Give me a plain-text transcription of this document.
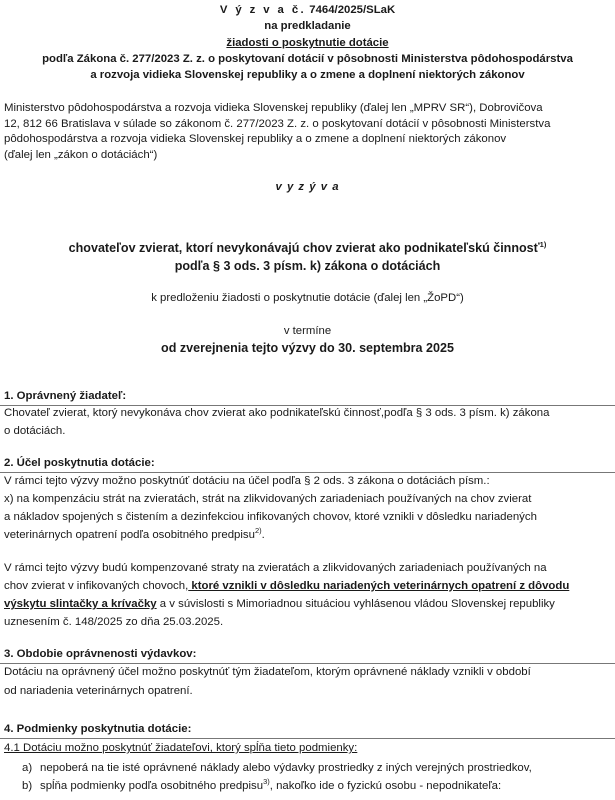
V ý z v a č. 7464/2025/SLaK
na predkladanie
žiadosti o poskytnutie dotácie
podľa Zákona č. 277/2023 Z. z. o poskytovaní dotácií v pôsobnosti Ministerstva pôdohospodárstva
a rozvoja vidieka Slovenskej republiky a o zmene a doplnení niektorých zákonov
Ministerstvo pôdohospodárstva a rozvoja vidieka Slovenskej republiky (ďalej len „MPRV SR“), Dobrovičova
12, 812 66 Bratislava v súlade so zákonom č. 277/2023 Z. z. o poskytovaní dotácií v pôsobnosti Ministerstva
pôdohospodárstva a rozvoja vidieka Slovenskej republiky a o zmene a doplnení niektorých zákonov
(ďalej len „zákon o dotáciách“)
v y z ý v a
chovateľov zvierat, ktorí nevykonávajú chov zvierat ako podnikateľskú činnosť$^{1)}$
podľa § 3 ods. 3 písm. k) zákona o dotáciách
k predloženiu žiadosti o poskytnutie dotácie (ďalej len „ŽoPD“)
v termíne
od zverejnenia tejto výzvy do 30. septembra 2025
1. Oprávnený žiadateľ:
Chovateľ zvierat, ktorý nevykonáva chov zvierat ako podnikateľskú činnosť,podľa § 3 ods. 3 písm. k) zákona
o dotáciách.
2. Účel poskytnutia dotácie:
V rámci tejto výzvy možno poskytnúť dotáciu na účel podľa § 2 ods. 3 zákona o dotáciách písm.:
x) na kompenzáciu strát na zvieratách, strát na zlikvidovaných zariadeniach používaných na chov zvierat
a nákladov spojených s čistením a dezinfekciou infikovaných chovov, ktoré vznikli v dôsledku nariadených
veterinárnych opatrení podľa osobitného predpisu$^{2)}$.
V rámci tejto výzvy budú kompenzované straty na zvieratách a zlikvidovaných zariadeniach používaných na
chov zvierat v infikovaných chovoch, ktoré vznikli v dôsledku nariadených veterinárnych opatrení z dôvodu
výskytu slintačky a krívačky a v súvislosti s Mimoriadnou situáciou vyhlásenou vládou Slovenskej republiky
uznesením č. 148/2025 zo dňa 25.03.2025.
3. Obdobie oprávnenosti výdavkov:
Dotáciu na oprávnený účel možno poskytnúť tým žiadateľom, ktorým oprávnené náklady vznikli v období
od nariadenia veterinárnych opatrení.
4. Podmienky poskytnutia dotácie:
4.1 Dotáciu možno poskytnúť žiadateľovi, ktorý spĺňa tieto podmienky:
a) nepoberá na tie isté oprávnené náklady alebo výdavky prostriedky z iných verejných prostriedkov,
b) spĺňa podmienky podľa osobitného predpisu$^{3)}$, nakoľko ide o fyzickú osobu - nepodnikateľa:
